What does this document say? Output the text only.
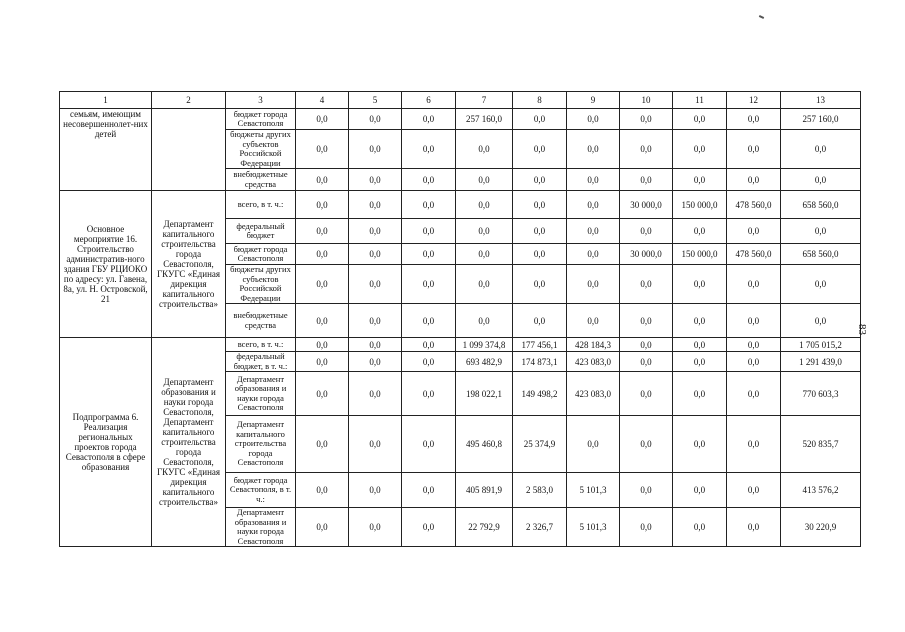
1	2	3	4	5	6	7	8	9	10	11	12	13
семьям, имеющим несовершеннолет-них детей		бюджет города Севастополя	0,0	0,0	0,0	257 160,0	0,0	0,0	0,0	0,0	0,0	257 160,0
		бюджеты других субъектов Российской Федерации	0,0	0,0	0,0	0,0	0,0	0,0	0,0	0,0	0,0	0,0
		внебюджетные средства	0,0	0,0	0,0	0,0	0,0	0,0	0,0	0,0	0,0	0,0
Основное мероприятие 16. Строительство административ-ного здания ГБУ РЦИОКО по адресу: ул. Гавена, 8а, ул. Н. Островской, 21	Департамент капитального строительства города Севастополя, ГКУГС «Единая дирекция капитального строительства»	всего, в т. ч.:	0,0	0,0	0,0	0,0	0,0	0,0	30 000,0	150 000,0	478 560,0	658 560,0
		федеральный бюджет	0,0	0,0	0,0	0,0	0,0	0,0	0,0	0,0	0,0	0,0
		бюджет города Севастополя	0,0	0,0	0,0	0,0	0,0	0,0	30 000,0	150 000,0	478 560,0	658 560,0
		бюджеты других субъектов Российской Федерации	0,0	0,0	0,0	0,0	0,0	0,0	0,0	0,0	0,0	0,0
		внебюджетные средства	0,0	0,0	0,0	0,0	0,0	0,0	0,0	0,0	0,0	0,0
Подпрограмма 6. Реализация региональных проектов города Севастополя в сфере образования	Департамент образования и науки города Севастополя, Департамент капитального строительства города Севастополя, ГКУГС «Единая дирекция капитального строительства»	всего, в т. ч.:	0,0	0,0	0,0	1 099 374,8	177 456,1	428 184,3	0,0	0,0	0,0	1 705 015,2
		федеральный бюджет, в т. ч.:	0,0	0,0	0,0	693 482,9	174 873,1	423 083,0	0,0	0,0	0,0	1 291 439,0
		Департамент образования и науки города Севастополя	0,0	0,0	0,0	198 022,1	149 498,2	423 083,0	0,0	0,0	0,0	770 603,3
		Департамент капитального строительства города Севастополя	0,0	0,0	0,0	495 460,8	25 374,9	0,0	0,0	0,0	0,0	520 835,7
		бюджет города Севастополя, в т. ч.:	0,0	0,0	0,0	405 891,9	2 583,0	5 101,3	0,0	0,0	0,0	413 576,2
		Департамент образования и науки города Севастополя	0,0	0,0	0,0	22 792,9	2 326,7	5 101,3	0,0	0,0	0,0	30 220,9
83
